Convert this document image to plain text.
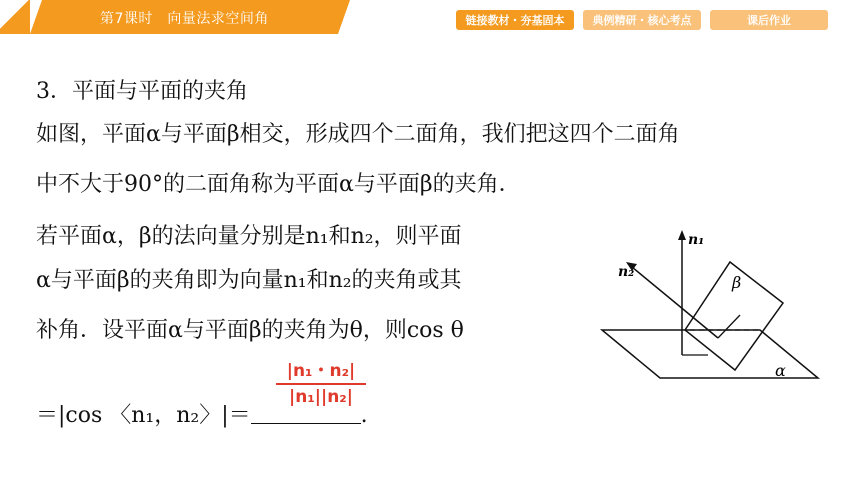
第7课时　向量法求空间角	链接教材・夯基固本	典例精研・核心考点	课后作业
3．平面与平面的夹角
如图，平面α与平面β相交，形成四个二面角，我们把这四个二面角
中不大于90°的二面角称为平面α与平面β的夹角．
若平面α，β的法向量分别是n₁和n₂，则平面
α与平面β的夹角即为向量n₁和n₂的夹角或其
补角．设平面α与平面β的夹角为θ，则cos θ
＝|cos 〈n₁，n₂〉|＝	.
$\frac{\text{|n₁・n₂|}}{\text{|n₁||n₂|}}$
n₁
n₂
β
α
